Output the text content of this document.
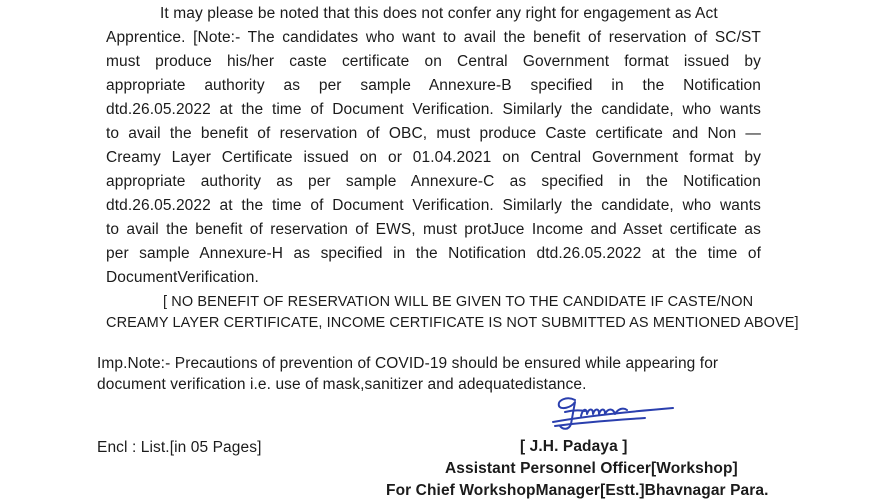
It may please be noted that this does not confer any right for engagement as Act
Apprentice. [Note:- The candidates who want to avail the benefit of reservation of SC/ST
must produce his/her caste certificate on Central Government format issued by
appropriate authority as per sample Annexure-B specified in the Notification
dtd.26.05.2022 at the time of Document Verification. Similarly the candidate, who wants
to avail the benefit of reservation of OBC, must produce Caste certificate and Non —
Creamy Layer Certificate issued on or 01.04.2021 on Central Government format by
appropriate authority as per sample Annexure-C as specified in the Notification
dtd.26.05.2022 at the time of Document Verification. Similarly the candidate, who wants
to avail the benefit of reservation of EWS, must protJuce Income and Asset certificate as
per sample Annexure-H as specified in the Notification dtd.26.05.2022 at the time of
DocumentVerification.
[ NO BENEFIT OF RESERVATION WILL BE GIVEN TO THE CANDIDATE IF CASTE/NON
CREAMY LAYER CERTIFICATE, INCOME CERTIFICATE IS NOT SUBMITTED AS MENTIONED ABOVE]
Imp.Note:- Precautions of prevention of COVID-19 should be ensured while appearing for
document verification i.e. use of mask,sanitizer and adequatedistance.
Encl : List.[in 05 Pages]	[ J.H. Padaya ]
Assistant Personnel Officer[Workshop]
For Chief WorkshopManager[Estt.]Bhavnagar Para.
